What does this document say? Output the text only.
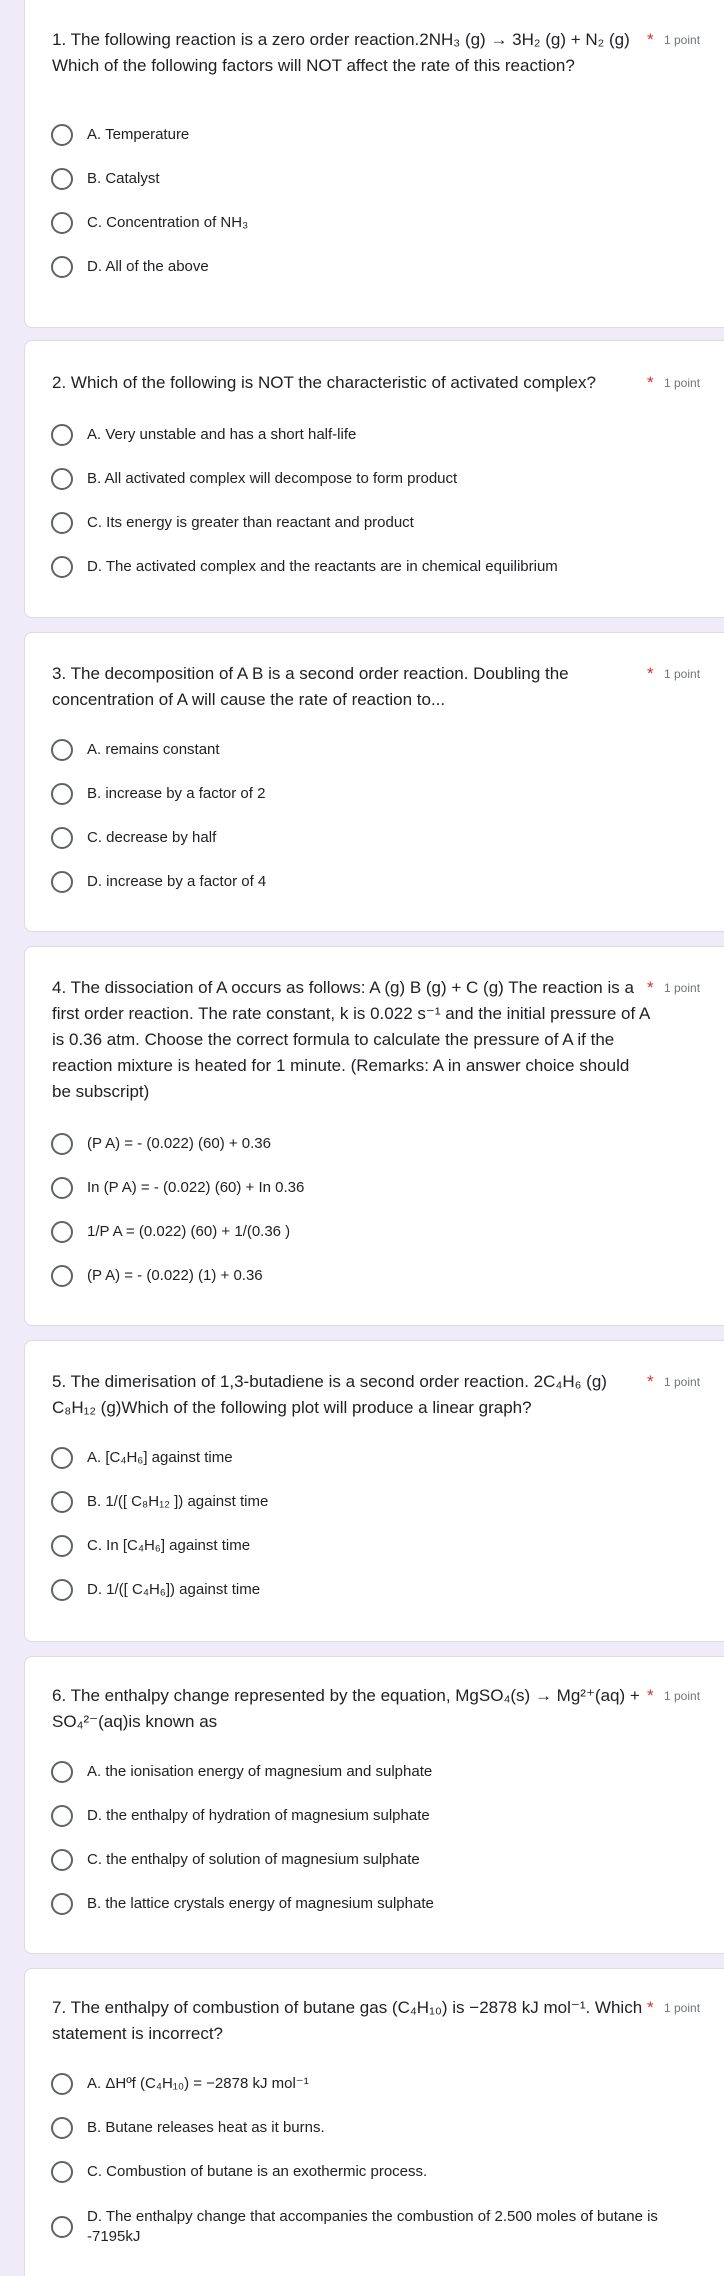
1. The following reaction is a zero order reaction.2NH₃ (g) → 3H₂ (g) + N₂ (g) Which of the following factors will NOT affect the rate of this reaction?
* 1 point
A. Temperature
B. Catalyst
C. Concentration of NH₃
D. All of the above
2. Which of the following is NOT the characteristic of activated complex?	* 1 point
A. Very unstable and has a short half-life
B. All activated complex will decompose to form product
C. Its energy is greater than reactant and product
D. The activated complex and the reactants are in chemical equilibrium
3. The decomposition of A B is a second order reaction. Doubling the concentration of A will cause the rate of reaction to...
* 1 point
A. remains constant
B. increase by a factor of 2
C. decrease by half
D. increase by a factor of 4
4. The dissociation of A occurs as follows: A (g) B (g) + C (g) The reaction is a first order reaction. The rate constant, k is 0.022 s⁻¹ and the initial pressure of A is 0.36 atm. Choose the correct formula to calculate the pressure of A if the reaction mixture is heated for 1 minute. (Remarks: A in answer choice should be subscript)
* 1 point
(P A) = - (0.022) (60) + 0.36
In (P A) = - (0.022) (60) + In 0.36
1/P A = (0.022) (60) + 1/(0.36 )
(P A) = - (0.022) (1) + 0.36
5. The dimerisation of 1,3-butadiene is a second order reaction. 2C₄H₆ (g) C₈H₁₂ (g)Which of the following plot will produce a linear graph?
* 1 point
A. [C₄H₆] against time
B. 1/([ C₈H₁₂ ]) against time
C. In [C₄H₆] against time
D. 1/([ C₄H₆]) against time
6. The enthalpy change represented by the equation, MgSO₄(s) → Mg²⁺(aq) + SO₄²⁻(aq)is known as
* 1 point
A. the ionisation energy of magnesium and sulphate
D. the enthalpy of hydration of magnesium sulphate
C. the enthalpy of solution of magnesium sulphate
B. the lattice crystals energy of magnesium sulphate
7. The enthalpy of combustion of butane gas (C₄H₁₀) is −2878 kJ mol⁻¹. Which statement is incorrect?
* 1 point
A. ΔHºf (C₄H₁₀) = −2878 kJ mol⁻¹
B. Butane releases heat as it burns.
C. Combustion of butane is an exothermic process.
D. The enthalpy change that accompanies the combustion of 2.500 moles of butane is -7195kJ
